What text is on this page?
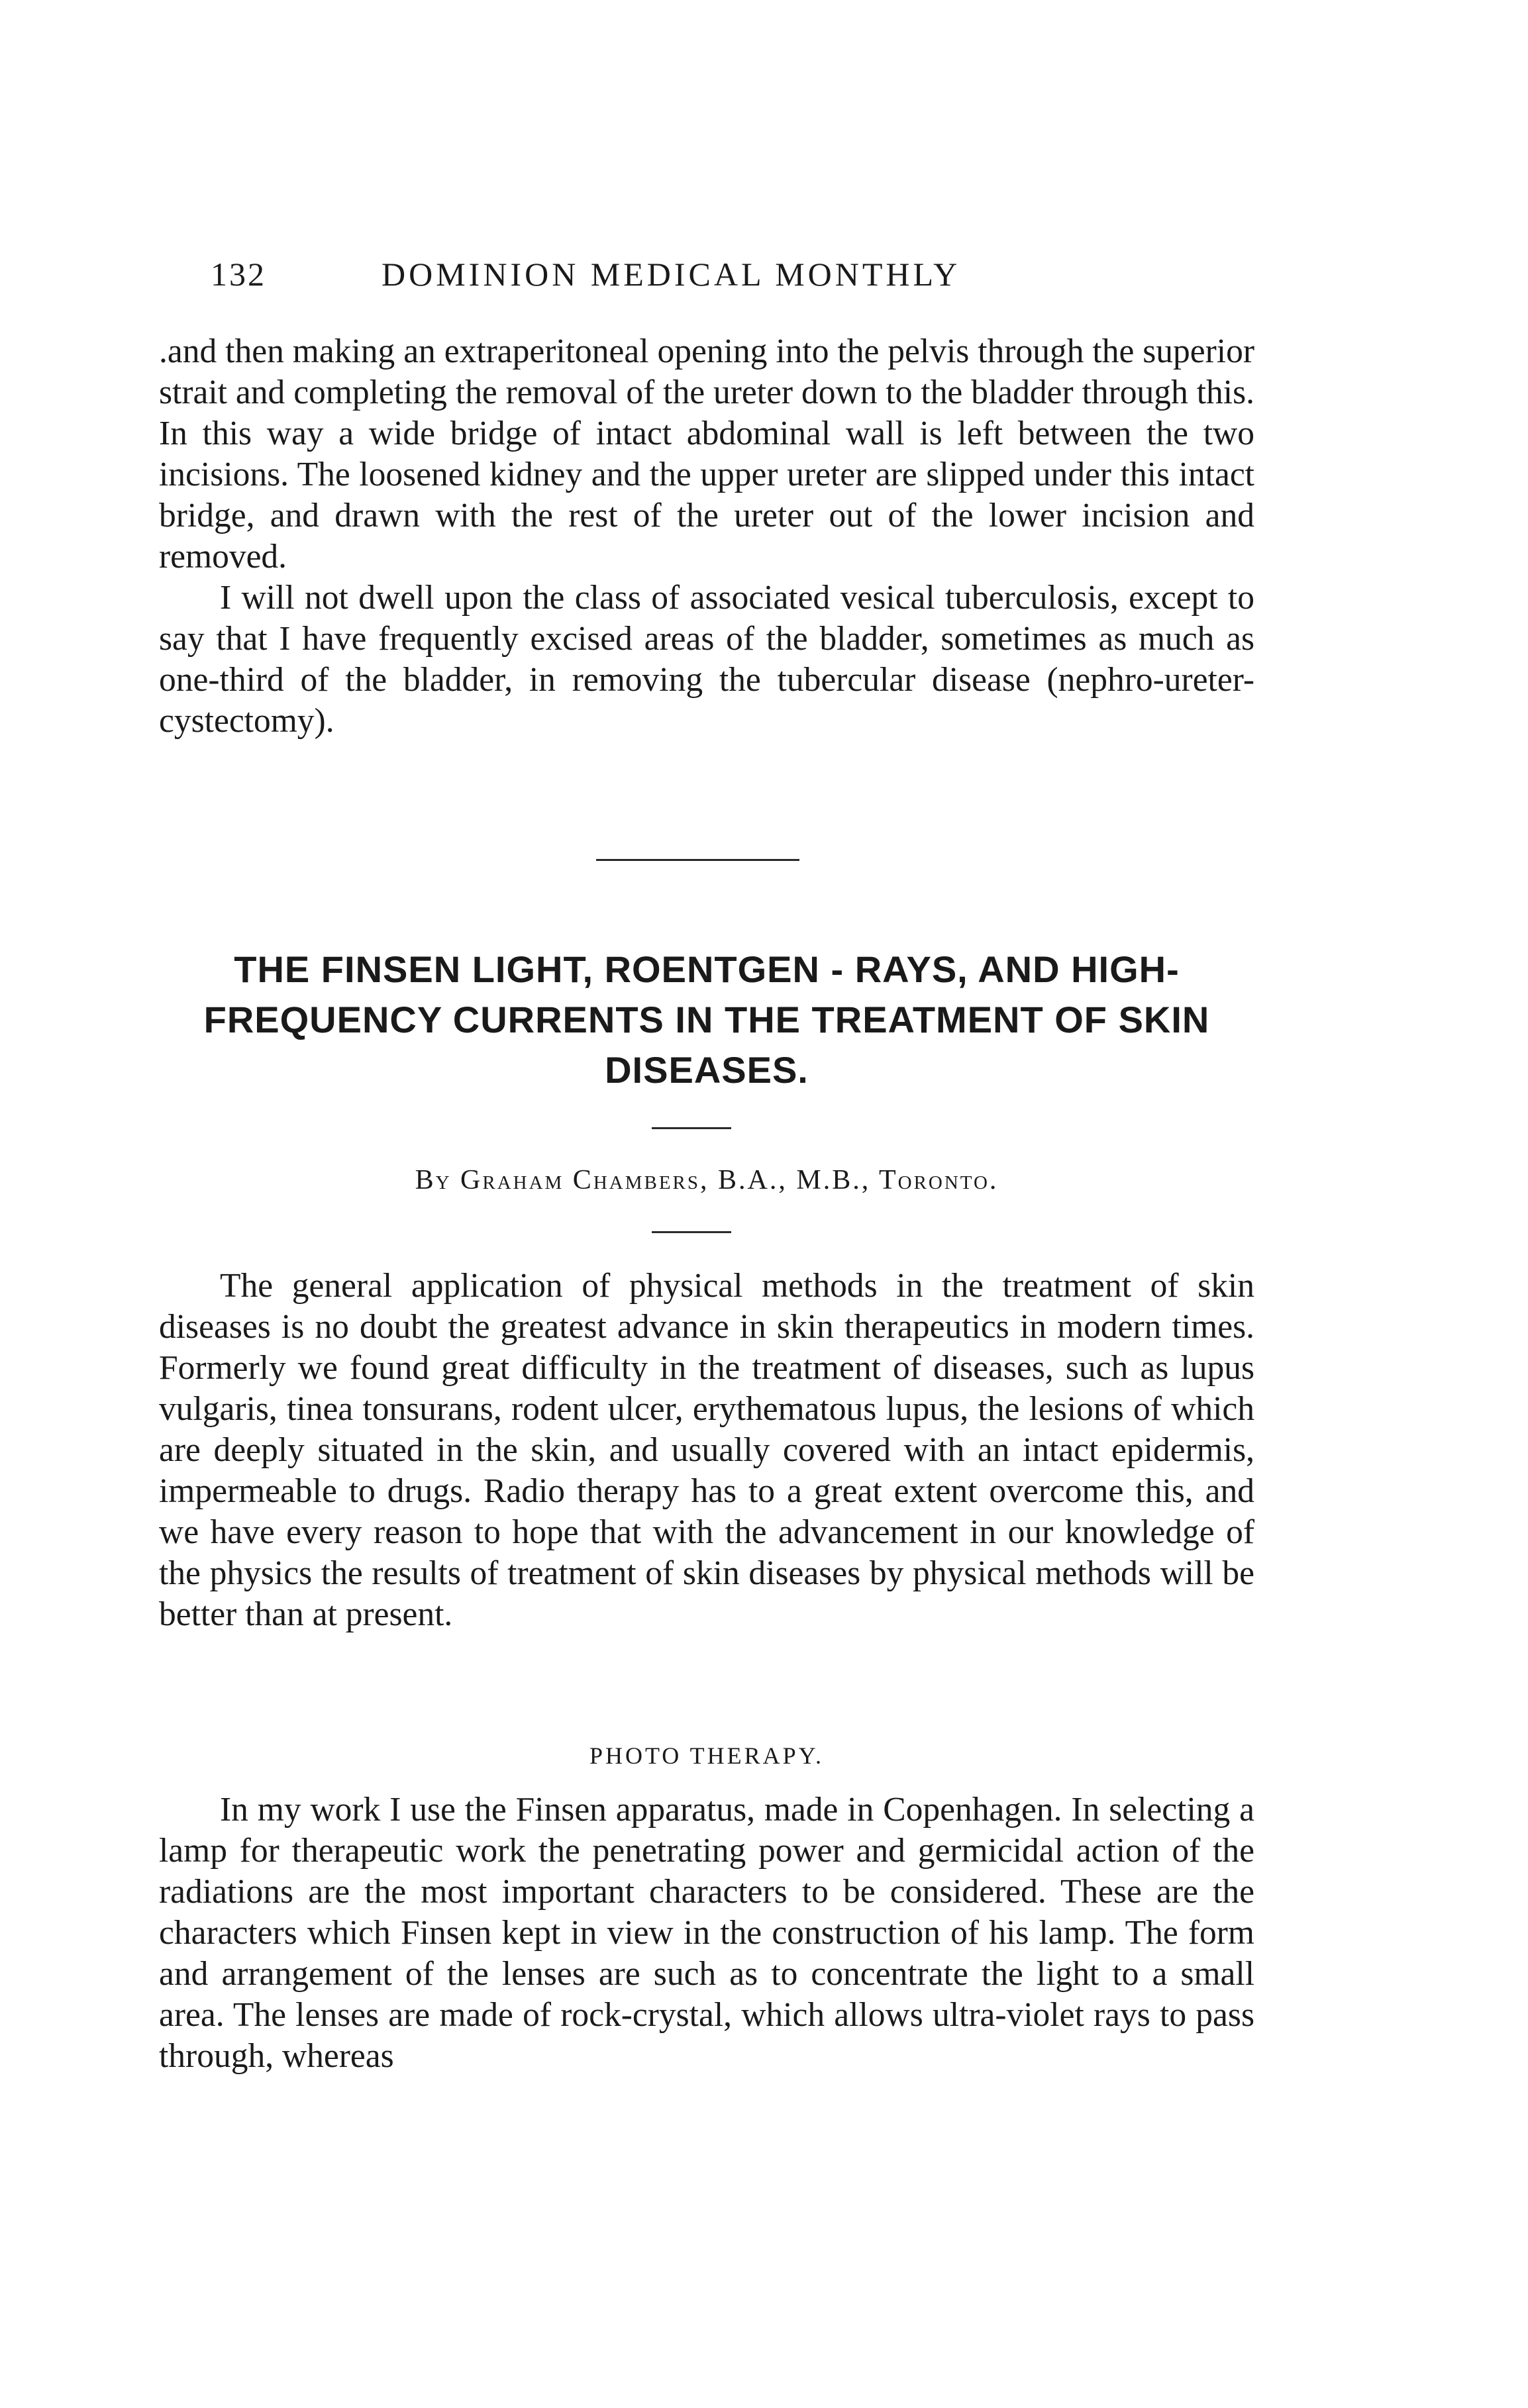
132	DOMINION MEDICAL MONTHLY

.and then making an extraperitoneal opening into the pelvis through the superior strait and completing the removal of the ureter down to the bladder through this. In this way a wide bridge of intact abdominal wall is left between the two incisions. The loosened kidney and the upper ureter are slipped under this intact bridge, and drawn with the rest of the ureter out of the lower incision and removed.

I will not dwell upon the class of associated vesical tuberculosis, except to say that I have frequently excised areas of the bladder, sometimes as much as one-third of the bladder, in removing the tubercular disease (nephro-ureter-cystectomy).

THE FINSEN LIGHT, ROENTGEN - RAYS, AND HIGH-FREQUENCY CURRENTS IN THE TREATMENT OF SKIN DISEASES.
By Graham Chambers, B.A., M.B., Toronto.

The general application of physical methods in the treatment of skin diseases is no doubt the greatest advance in skin therapeutics in modern times. Formerly we found great difficulty in the treatment of diseases, such as lupus vulgaris, tinea tonsurans, rodent ulcer, erythematous lupus, the lesions of which are deeply situated in the skin, and usually covered with an intact epidermis, impermeable to drugs. Radio therapy has to a great extent overcome this, and we have every reason to hope that with the advancement in our knowledge of the physics the results of treatment of skin diseases by physical methods will be better than at present.

PHOTO THERAPY.

In my work I use the Finsen apparatus, made in Copenhagen. In selecting a lamp for therapeutic work the penetrating power and germicidal action of the radiations are the most important characters to be considered. These are the characters which Finsen kept in view in the construction of his lamp. The form and arrangement of the lenses are such as to concentrate the light to a small area. The lenses are made of rock-crystal, which allows ultra-violet rays to pass through, whereas
